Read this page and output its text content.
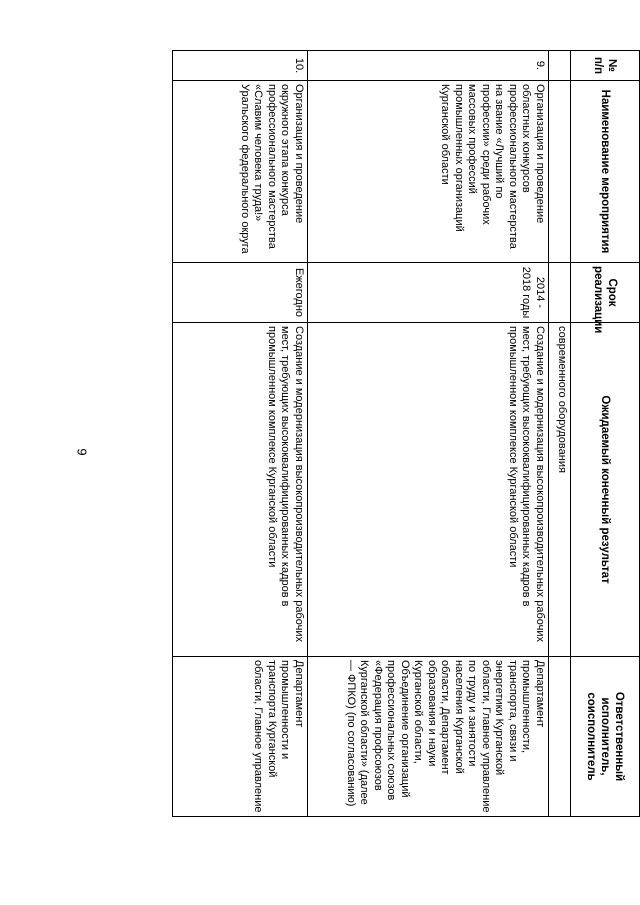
9
№ п/п	Наименование мероприятия	Срок реализации	Ожидаемый конечный результат	Ответственный исполнитель, соисполнитель
			современного оборудования	
9.	Организация и проведение областных конкурсов профессионального мастерства на звание «Лучший по профессии» среди рабочих массовых профессий промышленных организаций Курганской области	2014 - 2018 годы	Создание и модернизация высокопроизводительных рабочих мест, требующих высококвалифицированных кадров в промышленном комплексе Курганской области	Департамент промышленности, транспорта, связи и энергетики Курганской области, Главное управление по труду и занятости населения Курганской области, Департамент образования и науки Курганской области, Объединение организаций профессиональных союзов «Федерация профсоюзов Курганской области» (далее — ФПКО) (по согласованию)
10.	Организация и проведение окружного этапа конкурса профессионального мастерства «Славим человека труда!» Уральского федерального округа	Ежегодно	Создание и модернизация высокопроизводительных рабочих мест, требующих высококвалифицированных кадров в промышленном комплексе Курганской области	Департамент промышленности и транспорта Курганской области, Главное управление
